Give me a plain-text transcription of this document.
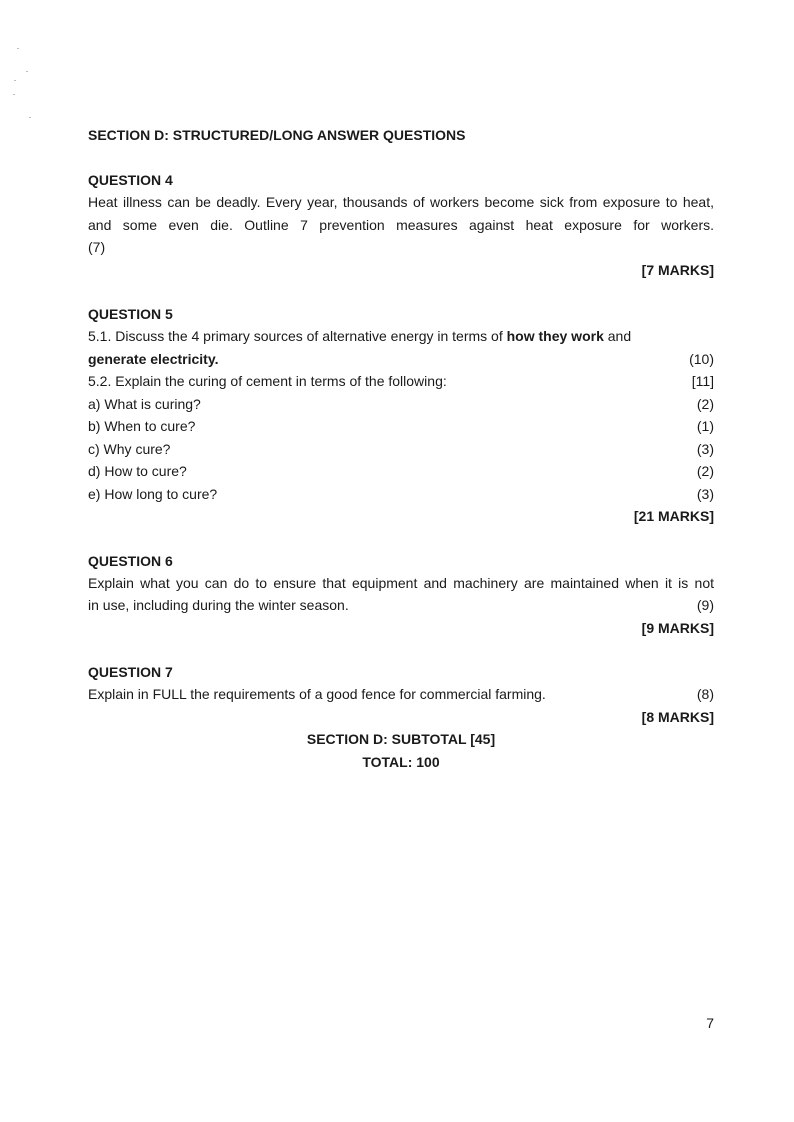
SECTION D: STRUCTURED/LONG ANSWER QUESTIONS
QUESTION 4
Heat illness can be deadly. Every year, thousands of workers become sick from exposure to heat,
and some even die. Outline 7 prevention measures against heat exposure for workers.
(7)
[7 MARKS]
QUESTION 5
5.1. Discuss the 4 primary sources of alternative energy in terms of how they work and
generate electricity.	(10)
5.2. Explain the curing of cement in terms of the following:	[11]
a) What is curing?	(2)
b) When to cure?	(1)
c) Why cure?	(3)
d) How to cure?	(2)
e) How long to cure?	(3)
[21 MARKS]
QUESTION 6
Explain what you can do to ensure that equipment and machinery are maintained when it is not
in use, including during the winter season.	(9)
[9 MARKS]
QUESTION 7
Explain in FULL the requirements of a good fence for commercial farming.	(8)
[8 MARKS]
SECTION D: SUBTOTAL [45]
TOTAL: 100
7
